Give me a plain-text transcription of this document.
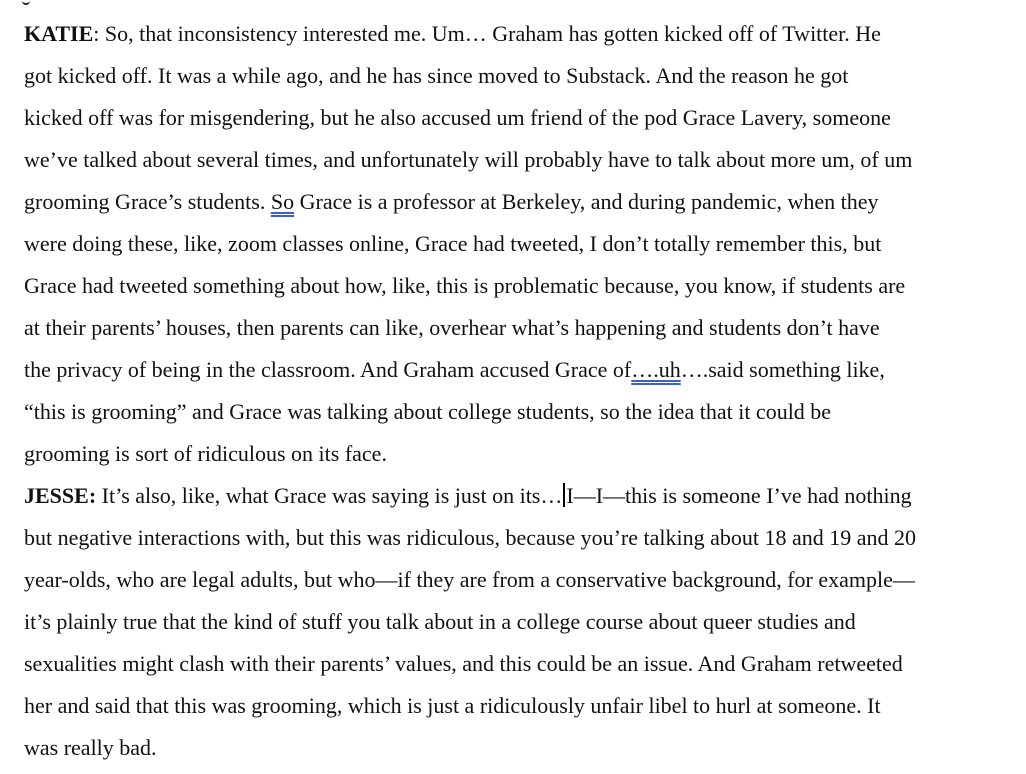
KATIE: So, that inconsistency interested me. Um… Graham has gotten kicked off of Twitter. He
got kicked off. It was a while ago, and he has since moved to Substack. And the reason he got
kicked off was for misgendering, but he also accused um friend of the pod Grace Lavery, someone
we’ve talked about several times, and unfortunately will probably have to talk about more um, of um
grooming Grace’s students. So Grace is a professor at Berkeley, and during pandemic, when they
were doing these, like, zoom classes online, Grace had tweeted, I don’t totally remember this, but
Grace had tweeted something about how, like, this is problematic because, you know, if students are
at their parents’ houses, then parents can like, overhear what’s happening and students don’t have
the privacy of being in the classroom. And Graham accused Grace of….uh….said something like,
“this is grooming” and Grace was talking about college students, so the idea that it could be
grooming is sort of ridiculous on its face.

JESSE: It’s also, like, what Grace was saying is just on its… I—I—this is someone I’ve had nothing
but negative interactions with, but this was ridiculous, because you’re talking about 18 and 19 and 20
year-olds, who are legal adults, but who—if they are from a conservative background, for example—
it’s plainly true that the kind of stuff you talk about in a college course about queer studies and
sexualities might clash with their parents’ values, and this could be an issue. And Graham retweeted
her and said that this was grooming, which is just a ridiculously unfair libel to hurl at someone. It
was really bad.
